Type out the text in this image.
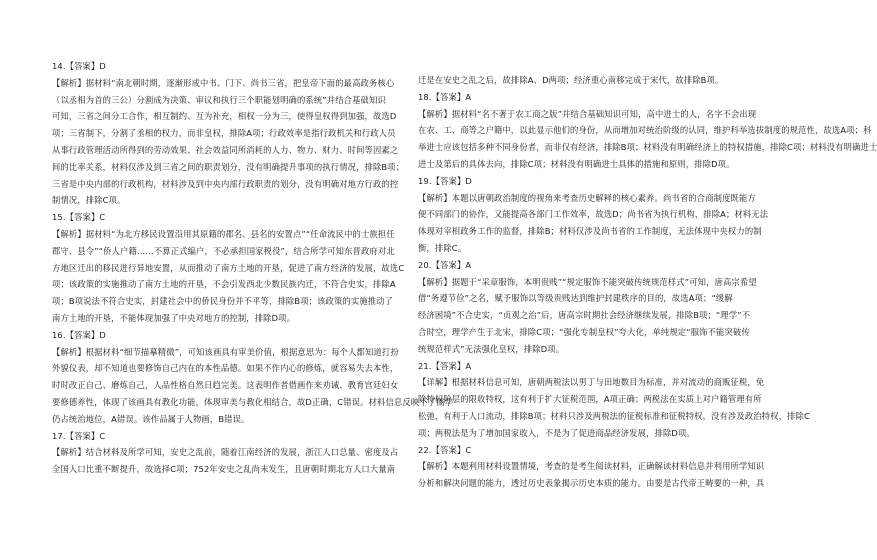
14.【答案】D
【解析】据材料“南北朝时期，逐渐形成中书、门下、尚书三省，把皇帝下面的最高政务核心
（以丞相为首的三公）分割成为决策、审议和执行三个职能划明确的系统”并结合基础知识
可知，三省之间分工合作，相互制约、互为补充，相权一分为三，使得皇权得到加强，故选D
项；三省制下，分割了丞相的权力，而非皇权，排除A项；行政效率是指行政机关和行政人员
从事行政管理活动所得到的劳动效果、社会效益同所消耗的人力、物力、财力、时间等因素之
间的比率关系，材料仅涉及到三省之间的职责划分，没有明确提升事项的执行情况，排除B项；
三省是中央内部的行政机构，材料涉及到中央内部行政职责的划分，没有明确对地方行政的控
制情况，排除C项。
15.【答案】C
【解析】据材料“为北方移民设置沿用其原籍的郡名、县名的安置点”“任命流民中的士族担任
郡守、县令”“侨人户籍……不算正式编户，不必承担国家税役”，结合所学可知东晋政府对北
方地区迁出的移民进行异地安置，从而推动了南方土地的开垦，促进了南方经济的发展，故选C
项；该政策的实施推动了南方土地的开垦，不会引发西北少数民族内迁，不符合史实，排除A
项；B项说法不符合史实，封建社会中的侨民身份并不平等，排除B项；该政策的实施推动了
南方土地的开垦，不能体现加强了中央对地方的控制，排除D项。
16.【答案】D
【解析】根据材料“细节描摹精微”，可知该画具有审美价值，根据意思为：每个人都知道打扮
外貌仪表，却不知道也要修饰自己内在的本性品德。如果不作内心的修炼，就容易失去本性，
时时改正自己、磨炼自己，人品性格自然日趋完美。这表明作者借画作来劝诫、教育宫廷妇女
要修德养性，体现了该画具有教化功能，体现审美与教化相结合，故D正确，C错误。材料信息反映不了儒学
仍占统治地位，A错误。该作品属于人物画，B错误。
17.【答案】C
【解析】结合材料及所学可知，安史之乱前，随着江南经济的发展，浙江人口总量、密度及占
全国人口比重不断提升，故选择C项；752年安史之乱尚未发生，且唐朝时期北方人口大量南
迁是在安史之乱之后，故排除A、D两项；经济重心南移完成于宋代，故排除B项。
18.【答案】A
【解析】据材料“名不著于农工商之版”并结合基础知识可知，高中进士的人，名字不会出现
在农、工、商等之户籍中，以此显示他们的身份，从而增加对统治阶级的认同，维护科举选拔制度的规范性，故选A项；科
举进士应该包括多种不同身份者，而非仅有经济，排除B项；材料没有明确经济上的特权措施，排除C项；材料没有明确进士
进士及第后的具体去向，排除C项；材料没有明确进士具体的措施和原则，排除D项。
19.【答案】D
【解析】本题以唐朝政治制度的视角来考查历史解释的核心素养。尚书省的合商制度既能方
便不同部门的协作，又能提高各部门工作效率，故选D；尚书省为执行机构，排除A；材料无法
体现对宰相政务工作的监督，排除B；材料仅涉及尚书省的工作制度，无法体现中央权力的制
衡，排除C。
20.【答案】A
【解析】据题干“采章服饰，本明贵贱”“规定服饰不能突破传统规范样式”可知，唐高宗希望
借“务遵节俭”之名，赋予服饰以等级贵贱达到维护封建秩序的目的，故选A项；“缓解
经济困境”不合史实，“贞观之治”后，唐高宗时期社会经济继续发展，排除B项；“理学”不
合时空，理学产生于北宋，排除C项；“强化专制皇权”夸大化，单纯规定“服饰不能突破传
统规范样式”无法强化皇权，排除D项。
21.【答案】A
【详解】根据材料信息可知，唐朝两税法以男丁与田地数目为标准，并对流动的商贩征税，免
除特权阶层的限收特权，这有利于扩大征税范围，A项正确；两税法在实质上对户籍管理有所
松弛，有利于人口流动，排除B项；材料只涉及两税法的征税标准和征税特权，没有涉及政治特权，排除C
项；两税法是为了增加国家收入，不是为了促进商品经济发展，排除D项。
22.【答案】C
【解析】本题利用材料设置情境，考查的是考生阅读材料，正确解读材料信息并利用所学知识
分析和解决问题的能力，透过历史表象揭示历史本质的能力。由要是古代帝王畴要的一种，具
